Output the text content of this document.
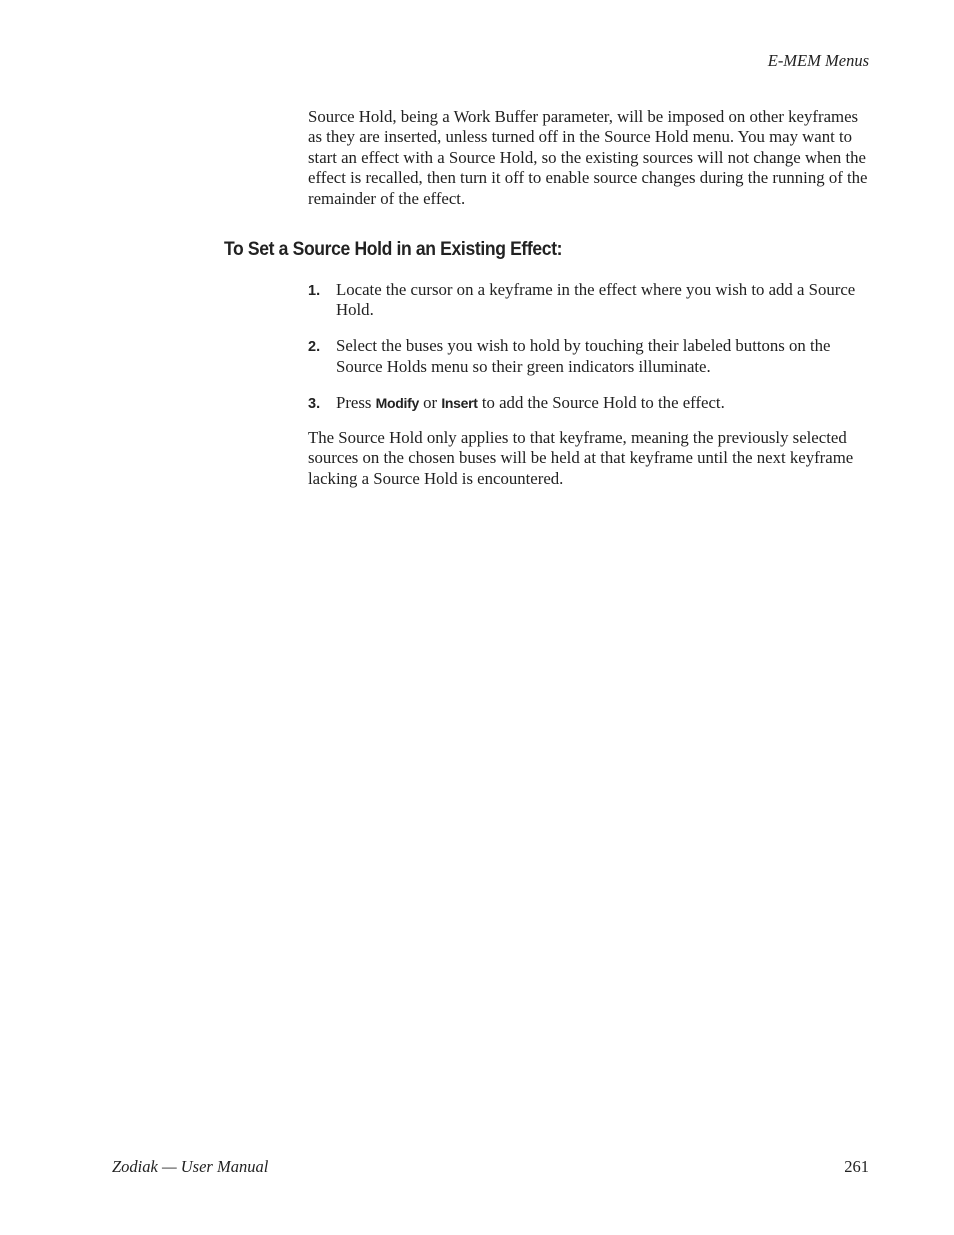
E-MEM Menus

Source Hold, being a Work Buffer parameter, will be imposed on other keyframes as they are inserted, unless turned off in the Source Hold menu. You may want to start an effect with a Source Hold, so the existing sources will not change when the effect is recalled, then turn it off to enable source changes during the running of the remainder of the effect.

To Set a Source Hold in an Existing Effect:
1. Locate the cursor on a keyframe in the effect where you wish to add a Source Hold.
2. Select the buses you wish to hold by touching their labeled buttons on the Source Holds menu so their green indicators illuminate.
3. Press Modify or Insert to add the Source Hold to the effect.

The Source Hold only applies to that keyframe, meaning the previously selected sources on the chosen buses will be held at that keyframe until the next keyframe lacking a Source Hold is encountered.

Zodiak — User Manual	261
